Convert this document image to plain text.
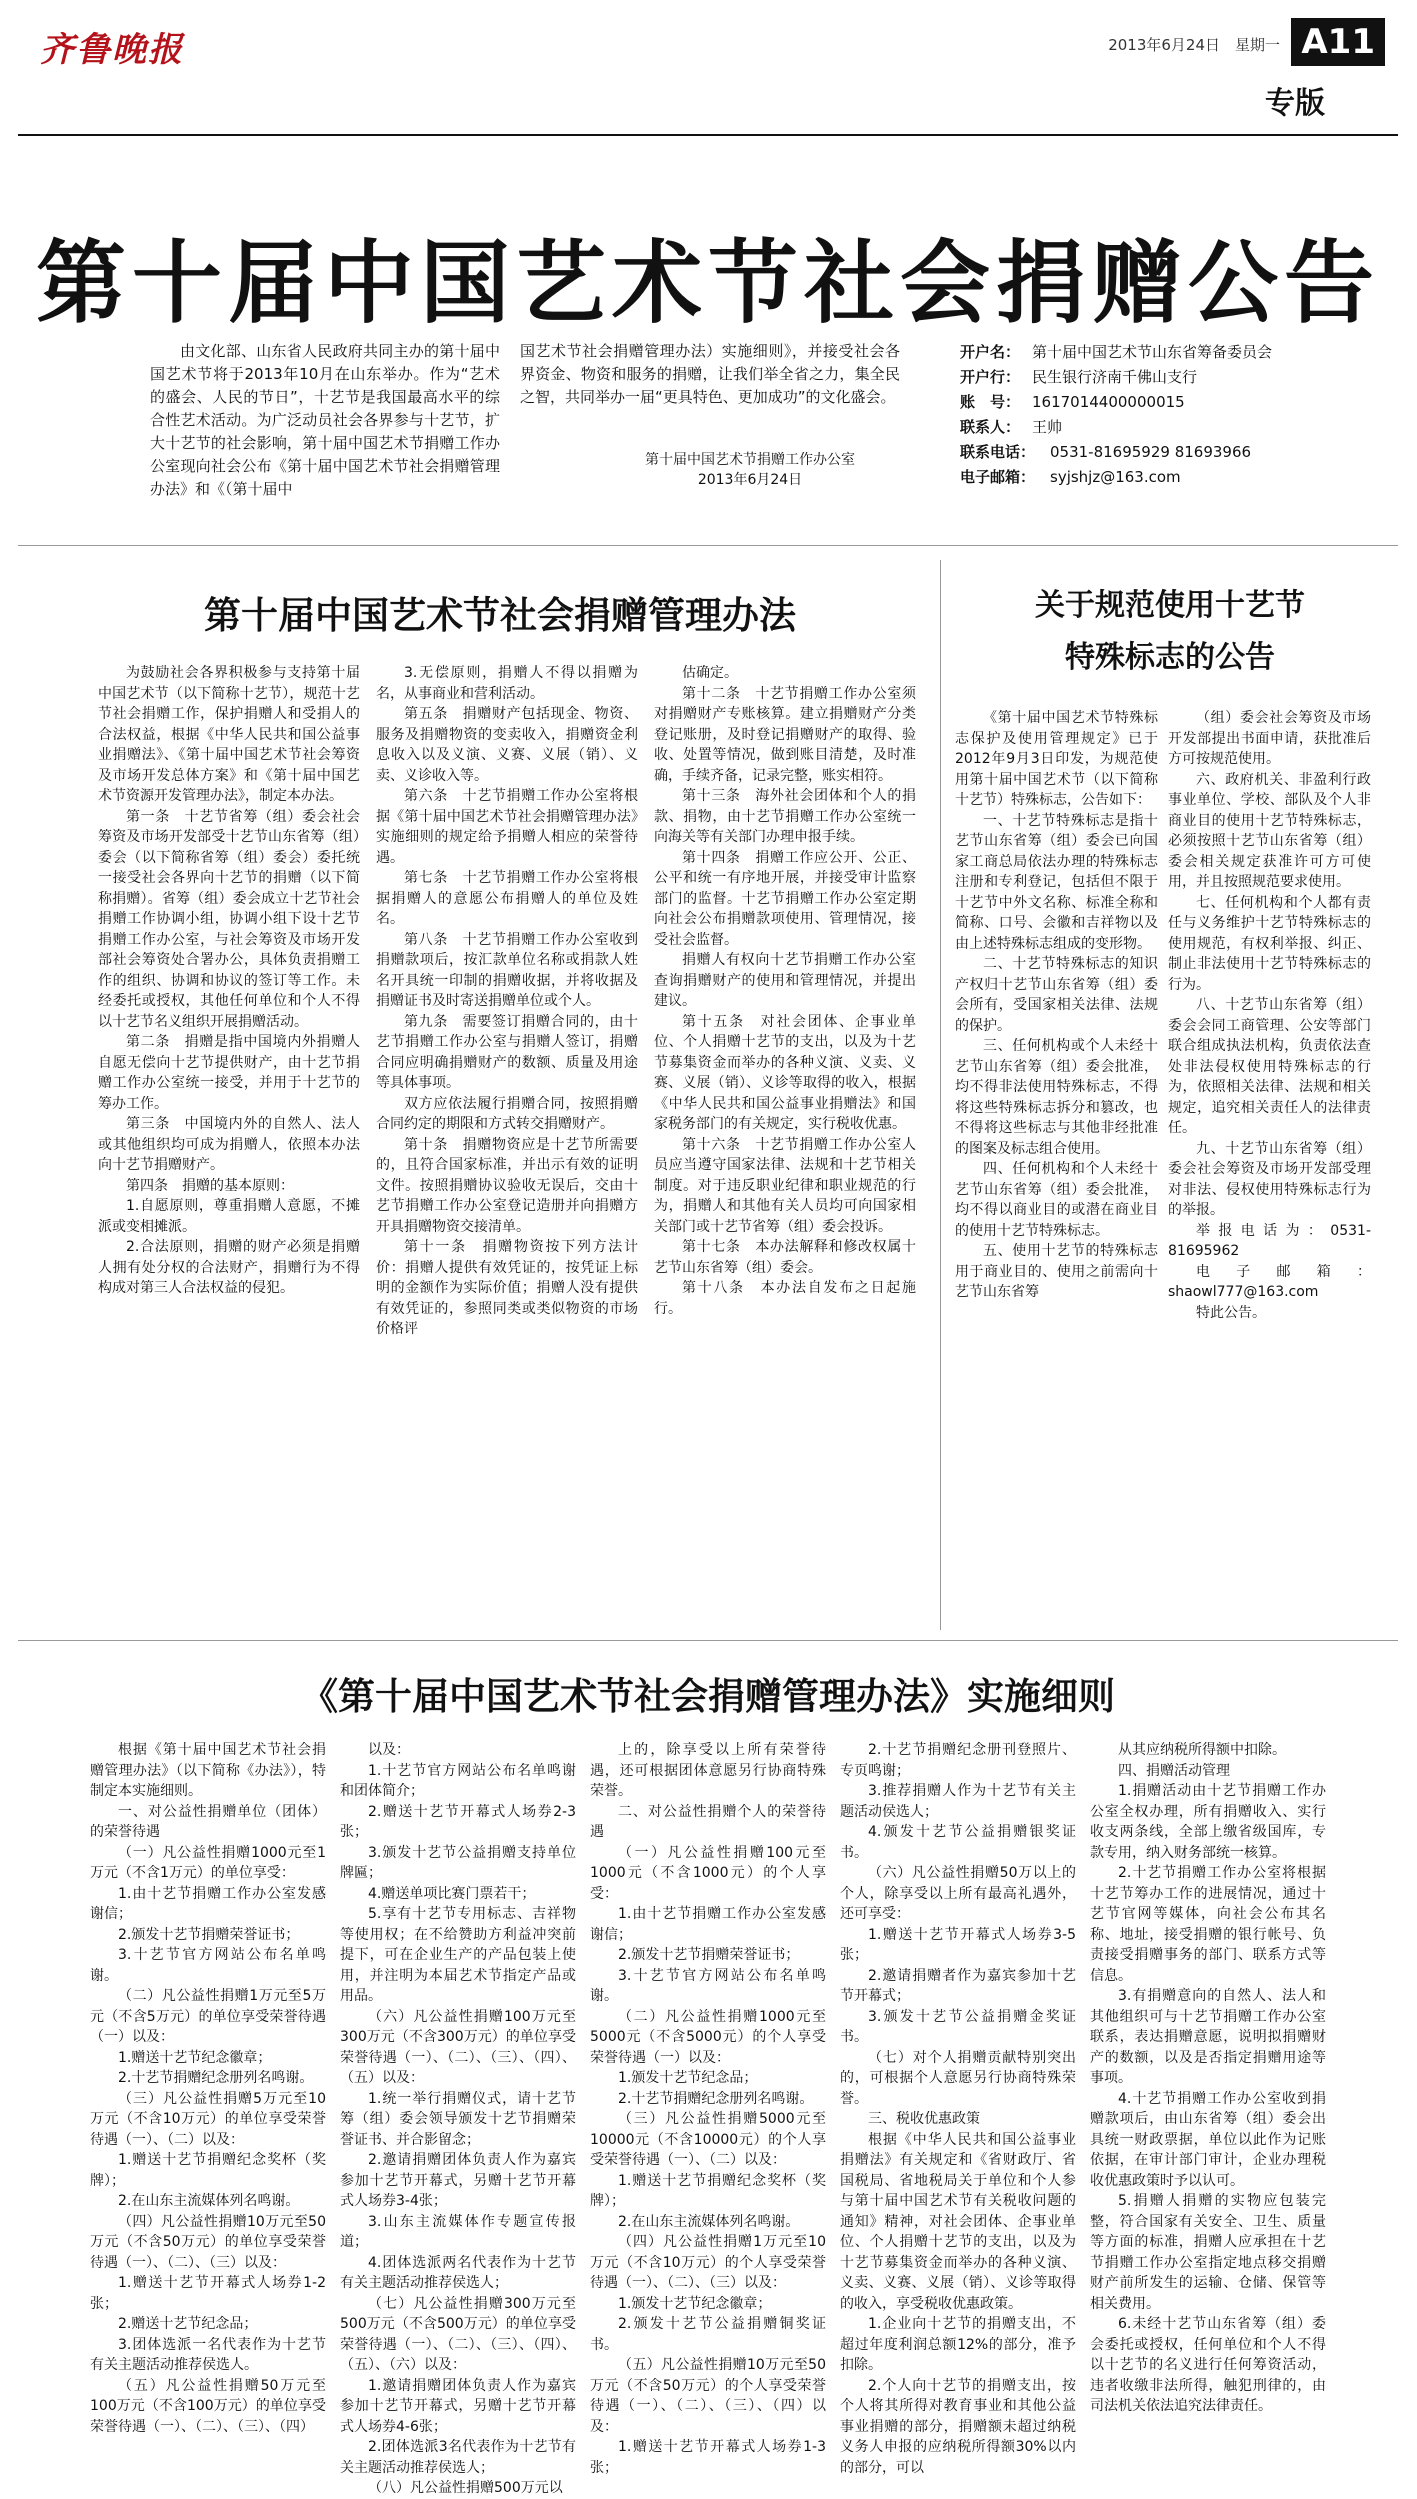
齐鲁晚报	2013年6月24日　星期一 A11
专版
第十届中国艺术节社会捐赠公告
由文化部、山东省人民政府共同主办的第十届中国艺术节将于2013年10月在山东举办。作为“艺术的盛会、人民的节日”，十艺节是我国最高水平的综合性艺术活动。为广泛动员社会各界参与十艺节，扩大十艺节的社会影响，第十届中国艺术节捐赠工作办公室现向社会公布《第十届中国艺术节社会捐赠管理办法》和《（第十届中
国艺术节社会捐赠管理办法）实施细则》，并接受社会各界资金、物资和服务的捐赠，让我们举全省之力，集全民之智，共同举办一届“更具特色、更加成功”的文化盛会。
第十届中国艺术节捐赠工作办公室
2013年6月24日
开户名： 第十届中国艺术节山东省筹备委员会
开户行： 民生银行济南千佛山支行
账　号： 1617014400000015
联系人： 王帅
联系电话： 0531-81695929 81693966
电子邮箱： syjshjz@163.com
第十届中国艺术节社会捐赠管理办法

为鼓励社会各界积极参与支持第十届中国艺术节（以下简称十艺节），规范十艺节社会捐赠工作，保护捐赠人和受捐人的合法权益，根据《中华人民共和国公益事业捐赠法》、《第十届中国艺术节社会筹资及市场开发总体方案》和《第十届中国艺术节资源开发管理办法》，制定本办法。

第一条　十艺节省筹（组）委会社会筹资及市场开发部受十艺节山东省筹（组）委会（以下简称省筹（组）委会）委托统一接受社会各界向十艺节的捐赠（以下简称捐赠）。省筹（组）委会成立十艺节社会捐赠工作协调小组，协调小组下设十艺节捐赠工作办公室，与社会筹资及市场开发部社会筹资处合署办公，具体负责捐赠工作的组织、协调和协议的签订等工作。未经委托或授权，其他任何单位和个人不得以十艺节名义组织开展捐赠活动。

第二条　捐赠是指中国境内外捐赠人自愿无偿向十艺节提供财产，由十艺节捐赠工作办公室统一接受，并用于十艺节的筹办工作。

第三条　中国境内外的自然人、法人或其他组织均可成为捐赠人，依照本办法向十艺节捐赠财产。

第四条　捐赠的基本原则：

1.自愿原则，尊重捐赠人意愿，不摊派或变相摊派。

2.合法原则，捐赠的财产必须是捐赠人拥有处分权的合法财产，捐赠行为不得构成对第三人合法权益的侵犯。

3.无偿原则，捐赠人不得以捐赠为名，从事商业和营利活动。

第五条　捐赠财产包括现金、物资、服务及捐赠物资的变卖收入，捐赠资金利息收入以及义演、义赛、义展（销）、义卖、义诊收入等。

第六条　十艺节捐赠工作办公室将根据《第十届中国艺术节社会捐赠管理办法》实施细则的规定给予捐赠人相应的荣誉待遇。

第七条　十艺节捐赠工作办公室将根据捐赠人的意愿公布捐赠人的单位及姓名。

第八条　十艺节捐赠工作办公室收到捐赠款项后，按汇款单位名称或捐款人姓名开具统一印制的捐赠收据，并将收据及捐赠证书及时寄送捐赠单位或个人。

第九条　需要签订捐赠合同的，由十艺节捐赠工作办公室与捐赠人签订，捐赠合同应明确捐赠财产的数额、质量及用途等具体事项。

双方应依法履行捐赠合同，按照捐赠合同约定的期限和方式转交捐赠财产。

第十条　捐赠物资应是十艺节所需要的，且符合国家标准，并出示有效的证明文件。按照捐赠协议验收无误后，交由十艺节捐赠工作办公室登记造册并向捐赠方开具捐赠物资交接清单。

第十一条　捐赠物资按下列方法计价：捐赠人提供有效凭证的，按凭证上标明的金额作为实际价值；捐赠人没有提供有效凭证的，参照同类或类似物资的市场价格评

估确定。

第十二条　十艺节捐赠工作办公室须对捐赠财产专账核算。建立捐赠财产分类登记账册，及时登记捐赠财产的取得、验收、处置等情况，做到账目清楚，及时准确，手续齐备，记录完整，账实相符。

第十三条　海外社会团体和个人的捐款、捐物，由十艺节捐赠工作办公室统一向海关等有关部门办理申报手续。

第十四条　捐赠工作应公开、公正、公平和统一有序地开展，并接受审计监察部门的监督。十艺节捐赠工作办公室定期向社会公布捐赠款项使用、管理情况，接受社会监督。

捐赠人有权向十艺节捐赠工作办公室查询捐赠财产的使用和管理情况，并提出建议。

第十五条　对社会团体、企事业单位、个人捐赠十艺节的支出，以及为十艺节募集资金而举办的各种义演、义卖、义赛、义展（销）、义诊等取得的收入，根据《中华人民共和国公益事业捐赠法》和国家税务部门的有关规定，实行税收优惠。

第十六条　十艺节捐赠工作办公室人员应当遵守国家法律、法规和十艺节相关制度。对于违反职业纪律和职业规范的行为，捐赠人和其他有关人员均可向国家相关部门或十艺节省筹（组）委会投诉。

第十七条　本办法解释和修改权属十艺节山东省筹（组）委会。

第十八条　本办法自发布之日起施行。

关于规范使用十艺节
特殊标志的公告

《第十届中国艺术节特殊标志保护及使用管理规定》已于2012年9月3日印发，为规范使用第十届中国艺术节（以下简称十艺节）特殊标志，公告如下：

一、十艺节特殊标志是指十艺节山东省筹（组）委会已向国家工商总局依法办理的特殊标志注册和专利登记，包括但不限于十艺节中外文名称、标准全称和简称、口号、会徽和吉祥物以及由上述特殊标志组成的变形物。

二、十艺节特殊标志的知识产权归十艺节山东省筹（组）委会所有，受国家相关法律、法规的保护。

三、任何机构或个人未经十艺节山东省筹（组）委会批准，均不得非法使用特殊标志，不得将这些特殊标志拆分和篡改，也不得将这些标志与其他非经批准的图案及标志组合使用。

四、任何机构和个人未经十艺节山东省筹（组）委会批准，均不得以商业目的或潜在商业目的使用十艺节特殊标志。

五、使用十艺节的特殊标志用于商业目的、使用之前需向十艺节山东省筹

（组）委会社会筹资及市场开发部提出书面申请，获批准后方可按规范使用。

六、政府机关、非盈利行政事业单位、学校、部队及个人非商业目的使用十艺节特殊标志，必须按照十艺节山东省筹（组）委会相关规定获准许可方可使用，并且按照规范要求使用。

七、任何机构和个人都有责任与义务维护十艺节特殊标志的使用规范，有权利举报、纠正、制止非法使用十艺节特殊标志的行为。

八、十艺节山东省筹（组）委会会同工商管理、公安等部门联合组成执法机构，负责依法查处非法侵权使用特殊标志的行为，依照相关法律、法规和相关规定，追究相关责任人的法律责任。

九、十艺节山东省筹（组）委会社会筹资及市场开发部受理对非法、侵权使用特殊标志行为的举报。

举报电话为：0531-81695962

电子邮箱：shaowl777@163.com

特此公告。

《第十届中国艺术节社会捐赠管理办法》实施细则

根据《第十届中国艺术节社会捐赠管理办法》（以下简称《办法》），特制定本实施细则。

一、对公益性捐赠单位（团体）的荣誉待遇

（一）凡公益性捐赠1000元至1万元（不含1万元）的单位享受：

1.由十艺节捐赠工作办公室发感谢信；

2.颁发十艺节捐赠荣誉证书；

3.十艺节官方网站公布名单鸣谢。

（二）凡公益性捐赠1万元至5万元（不含5万元）的单位享受荣誉待遇（一）以及：

1.赠送十艺节纪念徽章；

2.十艺节捐赠纪念册列名鸣谢。

（三）凡公益性捐赠5万元至10万元（不含10万元）的单位享受荣誉待遇（一）、（二）以及：

1.赠送十艺节捐赠纪念奖杯（奖牌）；

2.在山东主流媒体列名鸣谢。

（四）凡公益性捐赠10万元至50万元（不含50万元）的单位享受荣誉待遇（一）、（二）、（三）以及：

1.赠送十艺节开幕式人场券1-2张；

2.赠送十艺节纪念品；

3.团体选派一名代表作为十艺节有关主题活动推荐侯选人。

（五）凡公益性捐赠50万元至100万元（不含100万元）的单位享受荣誉待遇（一）、（二）、（三）、（四）

以及：

1.十艺节官方网站公布名单鸣谢和团体简介；

2.赠送十艺节开幕式人场券2-3张；

3.颁发十艺节公益捐赠支持单位牌匾；

4.赠送单项比赛门票若干；

5.享有十艺节专用标志、吉祥物等使用权；在不给赞助方利益冲突前提下，可在企业生产的产品包装上使用，并注明为本届艺术节指定产品或用品。

（六）凡公益性捐赠100万元至300万元（不含300万元）的单位享受荣誉待遇（一）、（二）、（三）、（四）、（五）以及：

1.统一举行捐赠仪式，请十艺节筹（组）委会领导颁发十艺节捐赠荣誉证书、并合影留念；

2.邀请捐赠团体负责人作为嘉宾参加十艺节开幕式，另赠十艺节开幕式人场券3-4张；

3.山东主流媒体作专题宣传报道；

4.团体选派两名代表作为十艺节有关主题活动推荐侯选人；

（七）凡公益性捐赠300万元至500万元（不含500万元）的单位享受荣誉待遇（一）、（二）、（三）、（四）、（五）、（六）以及：

1.邀请捐赠团体负责人作为嘉宾参加十艺节开幕式，另赠十艺节开幕式人场券4-6张；

2.团体选派3名代表作为十艺节有关主题活动推荐侯选人；

（八）凡公益性捐赠500万元以

上的，除享受以上所有荣誉待遇，还可根据团体意愿另行协商特殊荣誉。

二、对公益性捐赠个人的荣誉待遇

（一）凡公益性捐赠100元至1000元（不含1000元）的个人享受：

1.由十艺节捐赠工作办公室发感谢信；

2.颁发十艺节捐赠荣誉证书；

3.十艺节官方网站公布名单鸣谢。

（二）凡公益性捐赠1000元至5000元（不含5000元）的个人享受荣誉待遇（一）以及：

1.颁发十艺节纪念品；

2.十艺节捐赠纪念册列名鸣谢。

（三）凡公益性捐赠5000元至10000元（不含10000元）的个人享受荣誉待遇（一）、（二）以及：

1.赠送十艺节捐赠纪念奖杯（奖牌）；

2.在山东主流媒体列名鸣谢。

（四）凡公益性捐赠1万元至10万元（不含10万元）的个人享受荣誉待遇（一）、（二）、（三）以及：

1.颁发十艺节纪念徽章；

2.颁发十艺节公益捐赠铜奖证书。

（五）凡公益性捐赠10万元至50万元（不含50万元）的个人享受荣誉待遇（一）、（二）、（三）、（四）以及：

1.赠送十艺节开幕式人场券1-3张；

2.十艺节捐赠纪念册刊登照片、专页鸣谢；

3.推荐捐赠人作为十艺节有关主题活动侯选人；

4.颁发十艺节公益捐赠银奖证书。

（六）凡公益性捐赠50万以上的个人，除享受以上所有最高礼遇外，还可享受：

1.赠送十艺节开幕式人场券3-5张；

2.邀请捐赠者作为嘉宾参加十艺节开幕式；

3.颁发十艺节公益捐赠金奖证书。

（七）对个人捐赠贡献特别突出的，可根据个人意愿另行协商特殊荣誉。

三、税收优惠政策

根据《中华人民共和国公益事业捐赠法》有关规定和《省财政厅、省国税局、省地税局关于单位和个人参与第十届中国艺术节有关税收问题的通知》精神，对社会团体、企事业单位、个人捐赠十艺节的支出，以及为十艺节募集资金而举办的各种义演、义卖、义赛、义展（销）、义诊等取得的收入，享受税收优惠政策。

1.企业向十艺节的捐赠支出，不超过年度利润总额12%的部分，准予扣除。

2.个人向十艺节的捐赠支出，按个人将其所得对教育事业和其他公益事业捐赠的部分，捐赠额未超过纳税义务人申报的应纳税所得额30%以内的部分，可以

从其应纳税所得额中扣除。

四、捐赠活动管理

1.捐赠活动由十艺节捐赠工作办公室全权办理，所有捐赠收入、实行收支两条线，全部上缴省级国库，专款专用，纳入财务部统一核算。

2.十艺节捐赠工作办公室将根据十艺节筹办工作的进展情况，通过十艺节官网等媒体，向社会公布其名称、地址，接受捐赠的银行帐号、负责接受捐赠事务的部门、联系方式等信息。

3.有捐赠意向的自然人、法人和其他组织可与十艺节捐赠工作办公室联系，表达捐赠意愿，说明拟捐赠财产的数额，以及是否指定捐赠用途等事项。

4.十艺节捐赠工作办公室收到捐赠款项后，由山东省筹（组）委会出具统一财政票据，单位以此作为记账依据，在审计部门审计，企业办理税收优惠政策时予以认可。

5.捐赠人捐赠的实物应包装完整，符合国家有关安全、卫生、质量等方面的标准，捐赠人应承担在十艺节捐赠工作办公室指定地点移交捐赠财产前所发生的运输、仓储、保管等相关费用。

6.未经十艺节山东省筹（组）委会委托或授权，任何单位和个人不得以十艺节的名义进行任何筹资活动，违者收缴非法所得，触犯刑律的，由司法机关依法追究法律责任。
